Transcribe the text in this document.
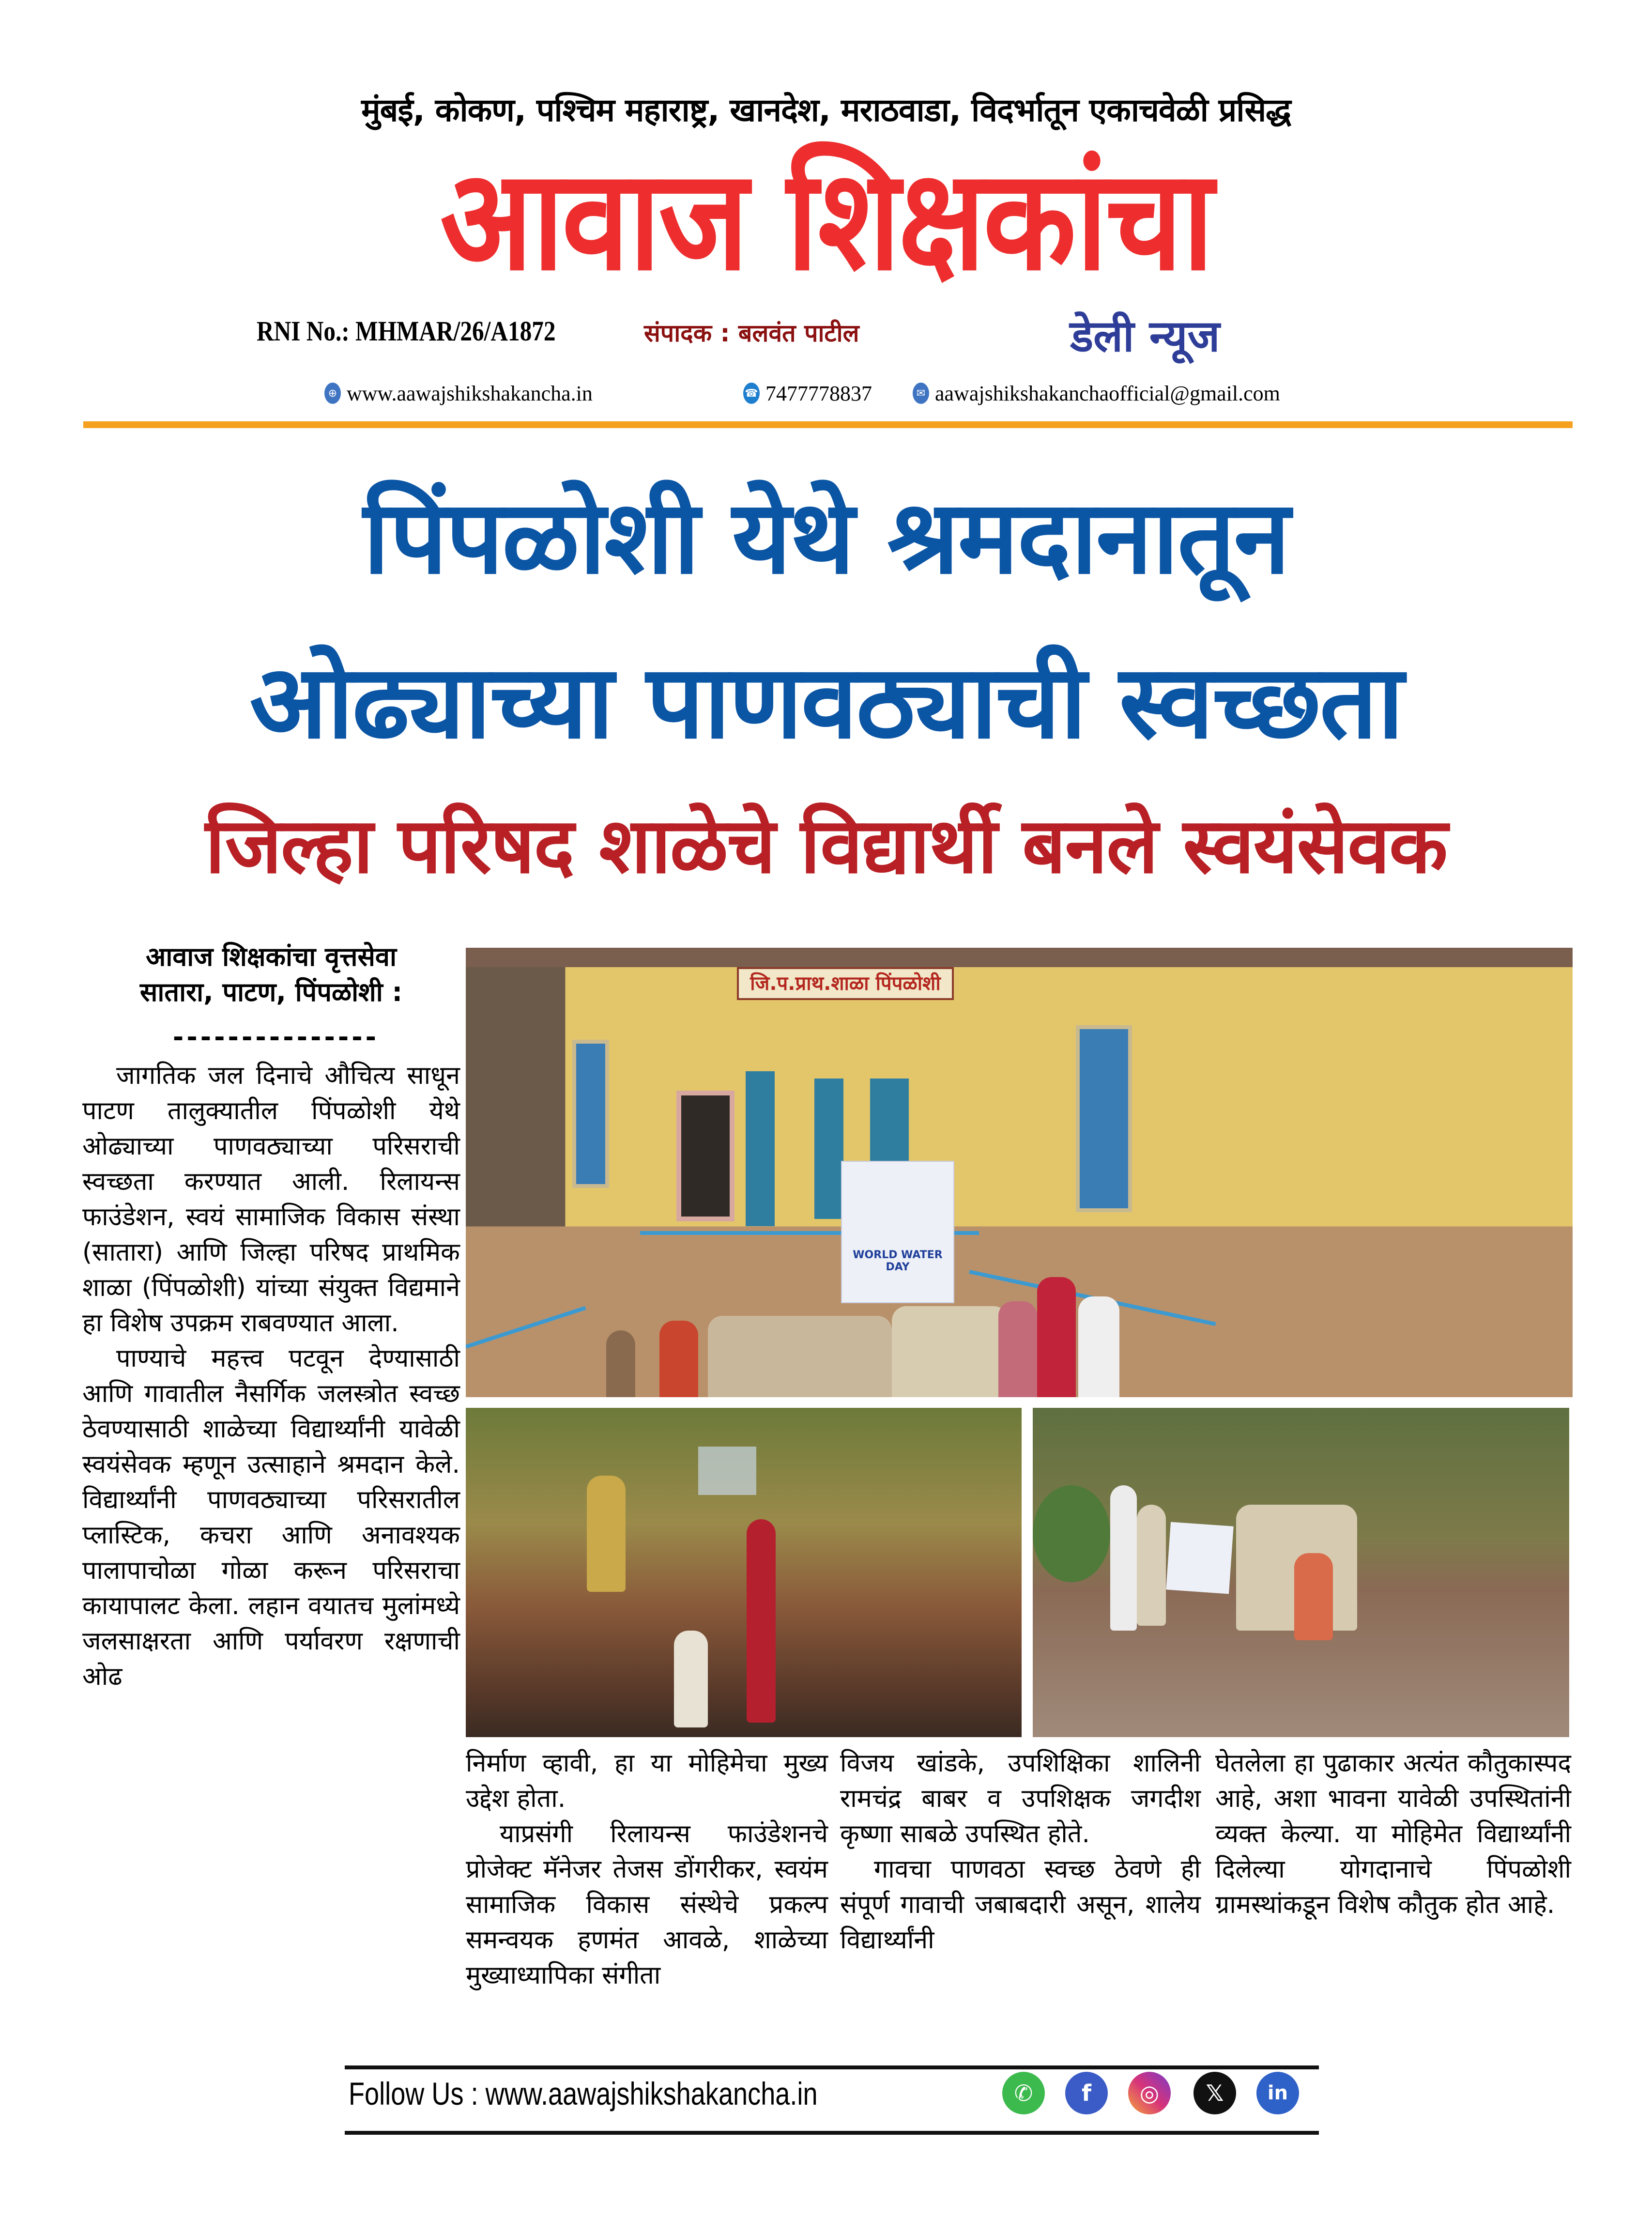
मुंबई, कोकण, पश्चिम महाराष्ट्र, खानदेश, मराठवाडा, विदर्भातून एकाचवेळी प्रसिद्ध
आवाज शिक्षकांचा
RNI No.: MHMAR/26/A1872	संपादक : बलवंत पाटील	डेली न्यूज
⊕ www.aawajshikshakancha.in	☎ 7477778837	✉ aawajshikshakanchaofficial@gmail.com
पिंपळोशी येथे श्रमदानातून
ओढ्याच्या पाणवठ्याची स्वच्छता
जिल्हा परिषद शाळेचे विद्यार्थी बनले स्वयंसेवक
आवाज शिक्षकांचा वृत्तसेवा
सातारा, पाटण, पिंपळोशी :
---------------

जागतिक जल दिनाचे औचित्य साधून पाटण तालुक्यातील पिंपळोशी येथे ओढ्याच्या पाणवठ्याच्या परिसराची स्वच्छता करण्यात आली. रिलायन्स फाउंडेशन, स्वयं सामाजिक विकास संस्था (सातारा) आणि जिल्हा परिषद प्राथमिक शाळा (पिंपळोशी) यांच्या संयुक्त विद्यमाने हा विशेष उपक्रम राबवण्यात आला.

पाण्याचे महत्त्व पटवून देण्यासाठी आणि गावातील नैसर्गिक जलस्त्रोत स्वच्छ ठेवण्यासाठी शाळेच्या विद्यार्थ्यांनी यावेळी स्वयंसेवक म्हणून उत्साहाने श्रमदान केले. विद्यार्थ्यांनी पाणवठ्याच्या परिसरातील प्लास्टिक, कचरा आणि अनावश्यक पालापाचोळा गोळा करून परिसराचा कायापालट केला. लहान वयातच मुलांमध्ये जलसाक्षरता आणि पर्यावरण रक्षणाची ओढ

जि.प.प्राथ.शाळा पिंपळोशी
WORLD WATER DAY

निर्माण व्हावी, हा या मोहिमेचा मुख्य उद्देश होता.

याप्रसंगी रिलायन्स फाउंडेशनचे प्रोजेक्ट मॅनेजर तेजस डोंगरीकर, स्वयंम सामाजिक विकास संस्थेचे प्रकल्प समन्वयक हणमंत आवळे, शाळेच्या मुख्याध्यापिका संगीता

विजय खांडके, उपशिक्षिका शालिनी रामचंद्र बाबर व उपशिक्षक जगदीश कृष्णा साबळे उपस्थित होते.

गावचा पाणवठा स्वच्छ ठेवणे ही संपूर्ण गावाची जबाबदारी असून, शालेय विद्यार्थ्यांनी

घेतलेला हा पुढाकार अत्यंत कौतुकास्पद आहे, अशा भावना यावेळी उपस्थितांनी व्यक्त केल्या. या मोहिमेत विद्यार्थ्यांनी दिलेल्या योगदानाचे पिंपळोशी ग्रामस्थांकडून विशेष कौतुक होत आहे.

Follow Us : www.aawajshikshakancha.in	✆	f	◎	𝕏	in
